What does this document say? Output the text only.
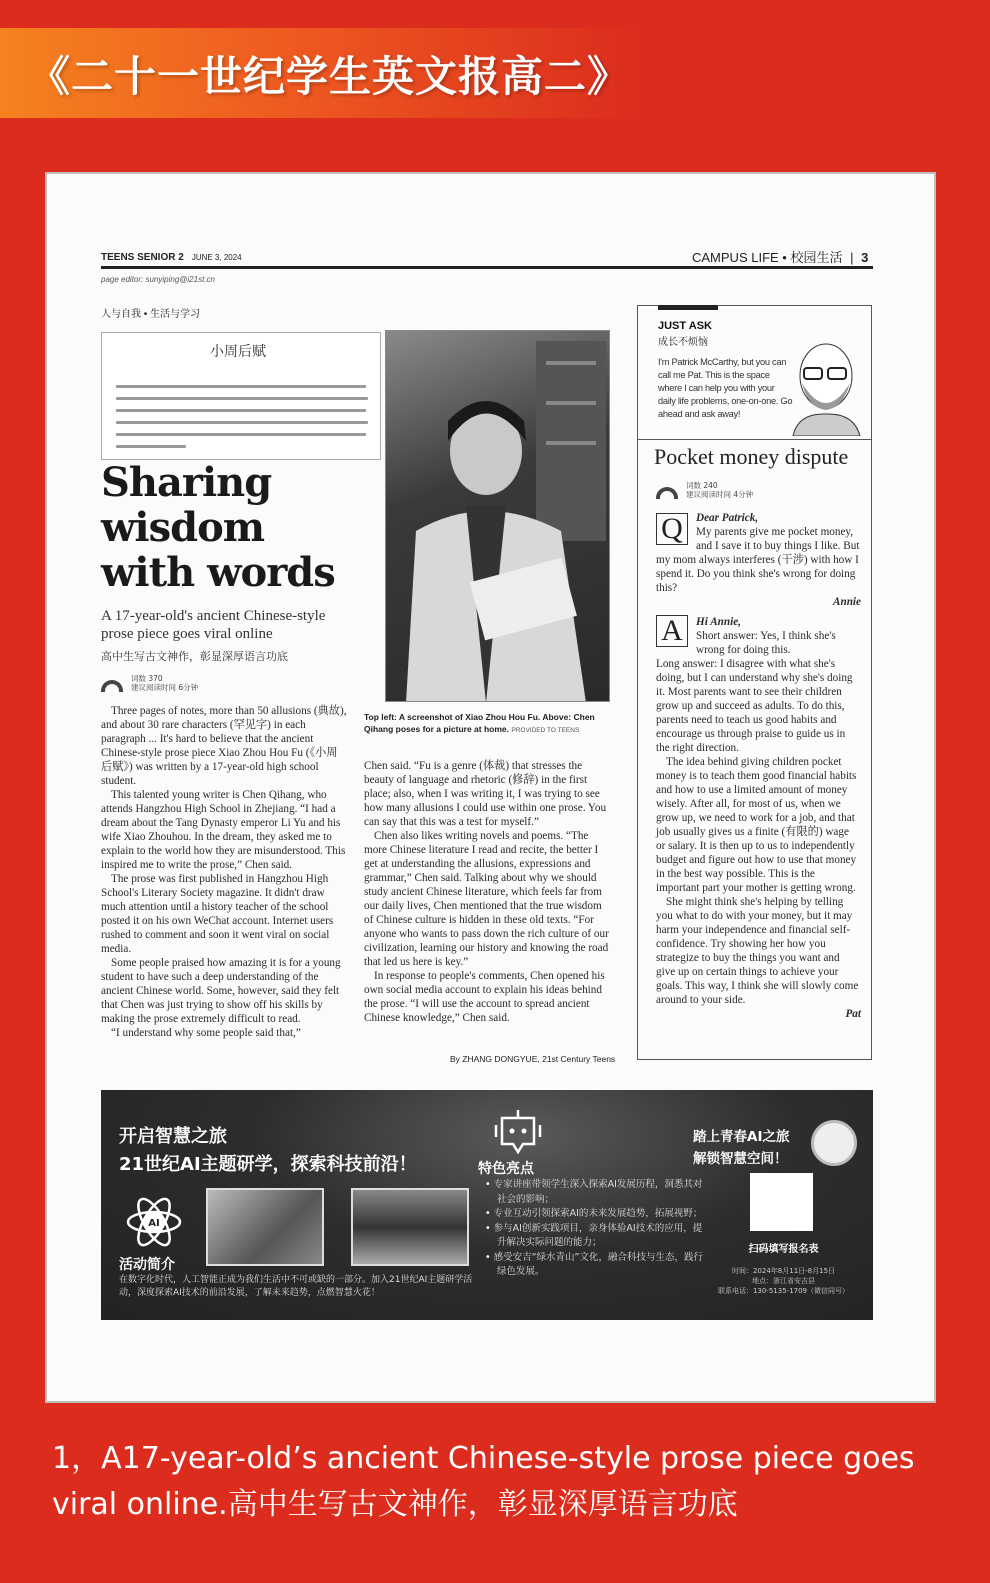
《二十一世纪学生英文报高二》
TEENS SENIOR 2 JUNE 3, 2024	CAMPUS LIFE • 校园生活 | 3
page editor: sunyiping@i21st.cn
人与自我 • 生活与学习
小周后赋
Sharing
wisdom
with words
A 17-year-old's ancient Chinese-style prose piece goes viral online
高中生写古文神作，彰显深厚语言功底
词数 370
建议阅读时间 6分钟
Top left: A screenshot of Xiao Zhou Hou Fu. Above: Chen Qihang poses for a picture at home. PROVIDED TO TEENS

Three pages of notes, more than 50 allusions (典故), and about 30 rare characters (罕见字) in each paragraph ... It's hard to believe that the ancient Chinese-style prose piece Xiao Zhou Hou Fu (《小周后赋》) was written by a 17-year-old high school student.

This talented young writer is Chen Qihang, who attends Hangzhou High School in Zhejiang. “I had a dream about the Tang Dynasty emperor Li Yu and his wife Xiao Zhouhou. In the dream, they asked me to explain to the world how they are misunderstood. This inspired me to write the prose,” Chen said.

The prose was first published in Hangzhou High School's Literary Society magazine. It didn't draw much attention until a history teacher of the school posted it on his own WeChat account. Internet users rushed to comment and soon it went viral on social media.

Some people praised how amazing it is for a young student to have such a deep understanding of the ancient Chinese world. Some, however, said they felt that Chen was just trying to show off his skills by making the prose extremely difficult to read.

“I understand why some people said that,”

Chen said. “Fu is a genre (体裁) that stresses the beauty of language and rhetoric (修辞) in the first place; also, when I was writing it, I was trying to see how many allusions I could use within one prose. You can say that this was a test for myself.”

Chen also likes writing novels and poems. “The more Chinese literature I read and recite, the better I get at understanding the allusions, expressions and grammar,” Chen said. Talking about why we should study ancient Chinese literature, which feels far from our daily lives, Chen mentioned that the true wisdom of Chinese culture is hidden in these old texts. “For anyone who wants to pass down the rich culture of our civilization, learning our history and knowing the road that led us here is key.”

In response to people's comments, Chen opened his own social media account to explain his ideas behind the prose. “I will use the account to spread ancient Chinese knowledge,” Chen said.

By ZHANG DONGYUE, 21st Century Teens
JUST ASK
成长不烦恼
I'm Patrick McCarthy, but you can call me Pat. This is the space where I can help you with your daily life problems, one-on-one. Go ahead and ask away!
Pocket money dispute
词数 240
建议阅读时间 4分钟
Q	Dear Patrick,
My parents give me pocket money, and I save it to buy things I like. But my mom always interferes (干涉) with how I spend it. Do you think she's wrong for doing this?
Annie
A	Hi Annie,
Short answer: Yes, I think she's wrong for doing this.
Long answer: I disagree with what she's doing, but I can understand why she's doing it. Most parents want to see their children grow up and succeed as adults. To do this, parents need to teach us good habits and encourage us through praise to guide us in the right direction.

The idea behind giving children pocket money is to teach them good financial habits and how to use a limited amount of money wisely. After all, for most of us, when we grow up, we need to work for a job, and that job usually gives us a finite (有限的) wage or salary. It is then up to us to independently budget and figure out how to use that money in the best way possible. This is the important part your mother is getting wrong.

She might think she's helping by telling you what to do with your money, but it may harm your independence and financial self-confidence. Try showing her how you strategize to buy the things you want and give up on certain things to achieve your goals. This way, I think she will slowly come around to your side.

Pat
开启智慧之旅
21世纪AI主题研学，探索科技前沿！
AI
活动简介
在数字化时代，人工智能正成为我们生活中不可或缺的一部分。加入21世纪AI主题研学活动，深度探索AI技术的前沿发展，了解未来趋势，点燃智慧火花！
特色亮点
• 专家讲座带领学生深入探索AI发展历程，洞悉其对社会的影响；
• 专业互动引领探索AI的未来发展趋势，拓展视野；
• 参与AI创新实践项目，亲身体验AI技术的应用，提升解决实际问题的能力；
• 感受安吉“绿水青山”文化，融合科技与生态，践行绿色发展。
踏上青春AI之旅
解锁智慧空间！
扫码填写报名表
时间：2024年8月11日-8月15日
地点：浙江省安吉县
联系电话：130-5135-1709（微信同号）
1，A17-year-old’s ancient Chinese-style prose piece goes viral online.高中生写古文神作，彰显深厚语言功底
